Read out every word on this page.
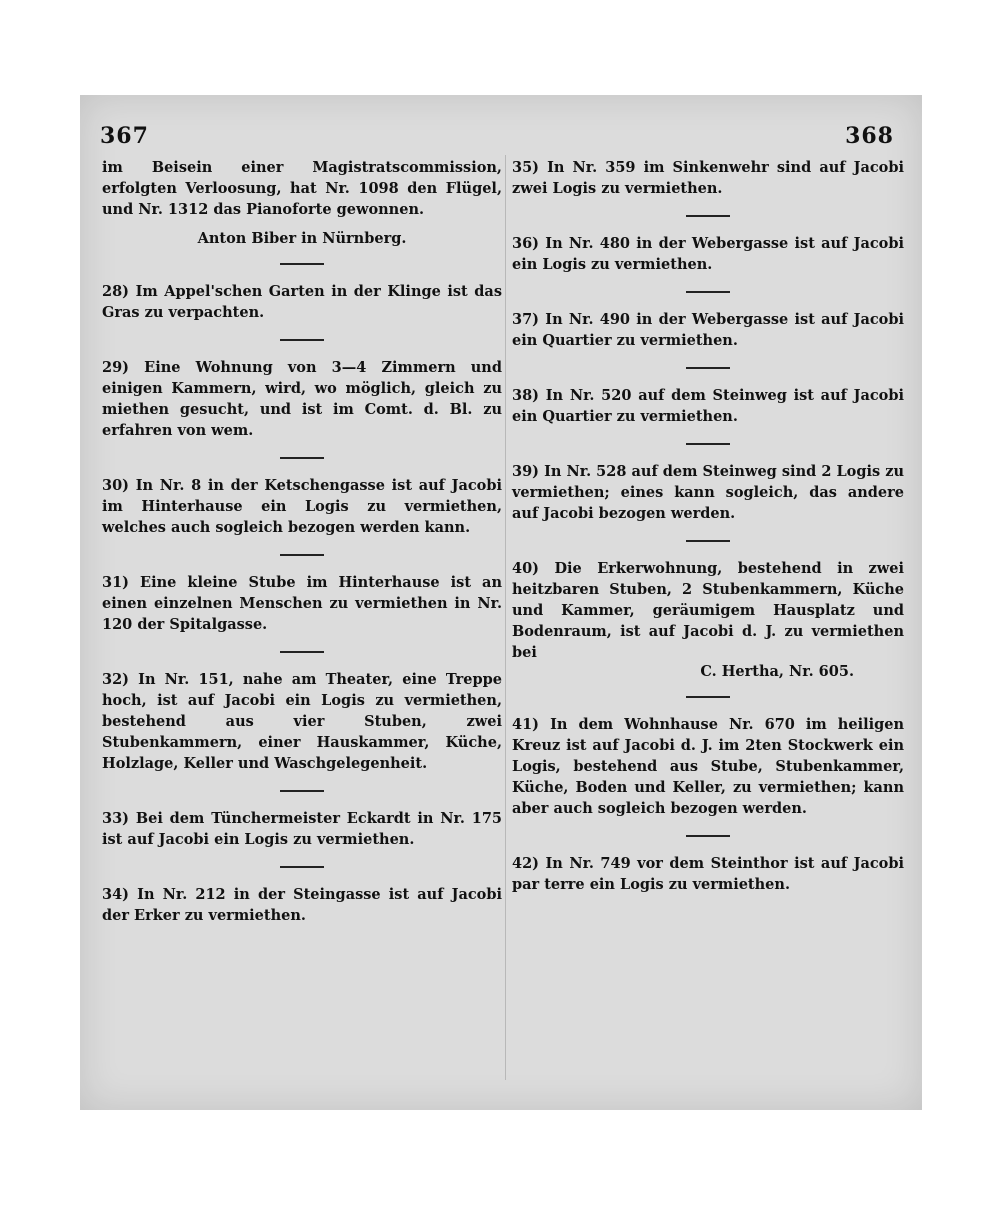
367	368

im Beisein einer Magistratscommission, erfolgten Verloosung, hat Nr. 1098 den Flügel, und Nr. 1312 das Pianoforte gewonnen.

Anton Biber in Nürnberg.

28) Im Appel'schen Garten in der Klinge ist das Gras zu verpachten.

29) Eine Wohnung von 3—4 Zimmern und einigen Kammern, wird, wo möglich, gleich zu miethen gesucht, und ist im Comt. d. Bl. zu erfahren von wem.

30) In Nr. 8 in der Ketschengasse ist auf Jacobi im Hinterhause ein Logis zu vermiethen, welches auch sogleich bezogen werden kann.

31) Eine kleine Stube im Hinterhause ist an einen einzelnen Menschen zu vermiethen in Nr. 120 der Spitalgasse.

32) In Nr. 151, nahe am Theater, eine Treppe hoch, ist auf Jacobi ein Logis zu vermiethen, bestehend aus vier Stuben, zwei Stubenkammern, einer Hauskammer, Küche, Holzlage, Keller und Waschgelegenheit.

33) Bei dem Tünchermeister Eckardt in Nr. 175 ist auf Jacobi ein Logis zu vermiethen.

34) In Nr. 212 in der Steingasse ist auf Jacobi der Erker zu vermiethen.

35) In Nr. 359 im Sinkenwehr sind auf Jacobi zwei Logis zu vermiethen.

36) In Nr. 480 in der Webergasse ist auf Jacobi ein Logis zu vermiethen.

37) In Nr. 490 in der Webergasse ist auf Jacobi ein Quartier zu vermiethen.

38) In Nr. 520 auf dem Steinweg ist auf Jacobi ein Quartier zu vermiethen.

39) In Nr. 528 auf dem Steinweg sind 2 Logis zu vermiethen; eines kann sogleich, das andere auf Jacobi bezogen werden.

40) Die Erkerwohnung, bestehend in zwei heitzbaren Stuben, 2 Stubenkammern, Küche und Kammer, geräumigem Hausplatz und Bodenraum, ist auf Jacobi d. J. zu vermiethen bei

C. Hertha, Nr. 605.

41) In dem Wohnhause Nr. 670 im heiligen Kreuz ist auf Jacobi d. J. im 2ten Stockwerk ein Logis, bestehend aus Stube, Stubenkammer, Küche, Boden und Keller, zu vermiethen; kann aber auch sogleich bezogen werden.

42) In Nr. 749 vor dem Steinthor ist auf Jacobi par terre ein Logis zu vermiethen.
